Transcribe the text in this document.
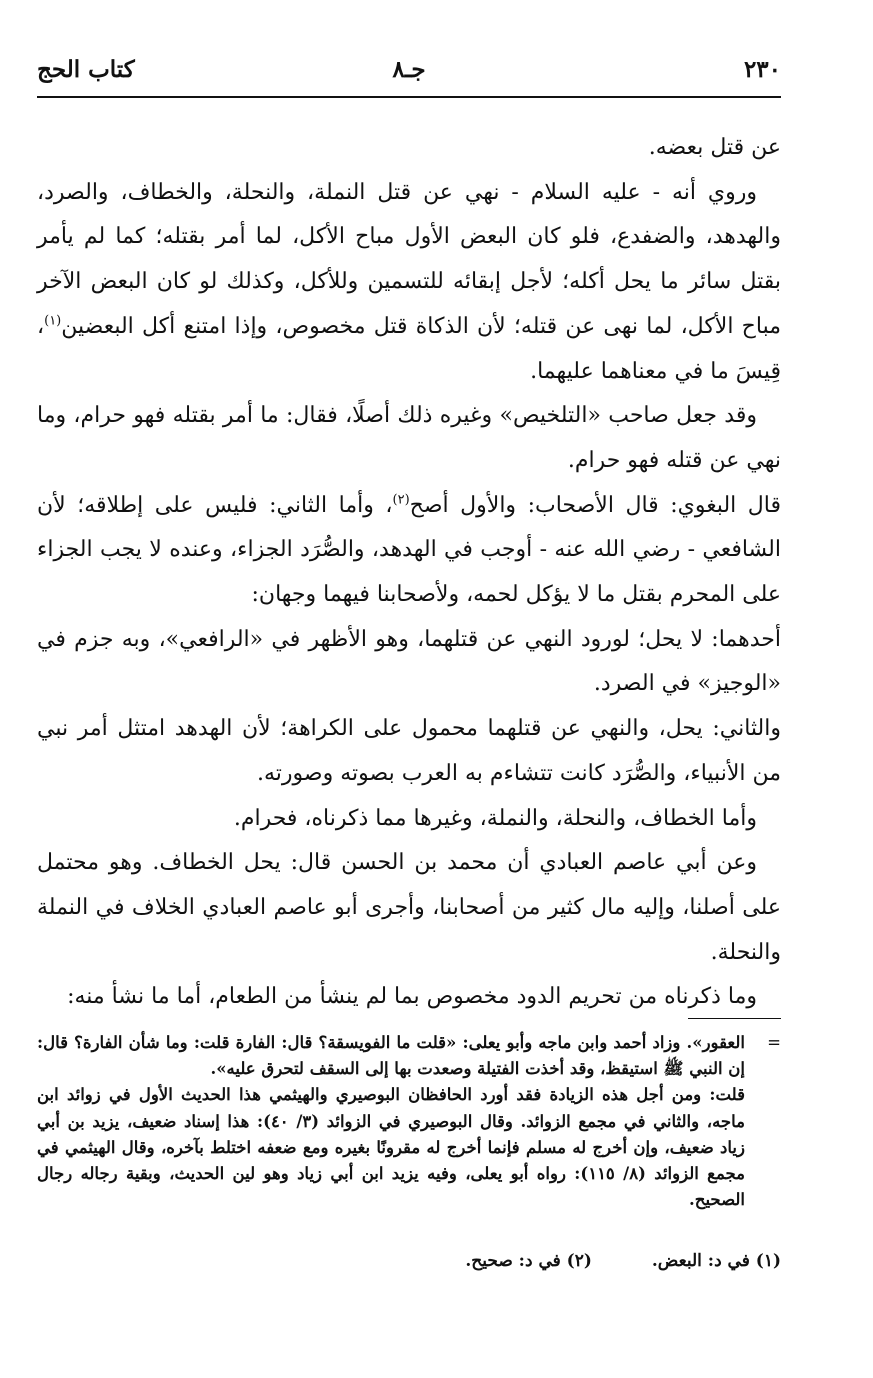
٢٣٠
جـ٨
كتاب الحج

عن قتل بعضه.

وروي أنه - عليه السلام - نهي عن قتل النملة، والنحلة، والخطاف، والصرد، والهدهد، والضفدع، فلو كان البعض الأول مباح الأكل، لما أمر بقتله؛ كما لم يأمر بقتل سائر ما يحل أكله؛ لأجل إبقائه للتسمين وللأكل، وكذلك لو كان البعض الآخر مباح الأكل، لما نهى عن قتله؛ لأن الذكاة قتل مخصوص، وإذا امتنع أكل البعضين$^{(١)}$، قِيسَ ما في معناهما عليهما.

وقد جعل صاحب «التلخيص» وغيره ذلك أصلًا، فقال: ما أمر بقتله فهو حرام، وما نهي عن قتله فهو حرام.

قال البغوي: قال الأصحاب: والأول أصح$^{(٢)}$، وأما الثاني: فليس على إطلاقه؛ لأن الشافعي - رضي الله عنه - أوجب في الهدهد، والصُّرَد الجزاء، وعنده لا يجب الجزاء على المحرم بقتل ما لا يؤكل لحمه، ولأصحابنا فيهما وجهان:

أحدهما: لا يحل؛ لورود النهي عن قتلهما، وهو الأظهر في «الرافعي»، وبه جزم في «الوجيز» في الصرد.

والثاني: يحل، والنهي عن قتلهما محمول على الكراهة؛ لأن الهدهد امتثل أمر نبي من الأنبياء، والصُّرَد كانت تتشاءم به العرب بصوته وصورته.

وأما الخطاف، والنحلة، والنملة، وغيرها مما ذكرناه، فحرام.

وعن أبي عاصم العبادي أن محمد بن الحسن قال: يحل الخطاف. وهو محتمل على أصلنا، وإليه مال كثير من أصحابنا، وأجرى أبو عاصم العبادي الخلاف في النملة والنحلة.

وما ذكرناه من تحريم الدود مخصوص بما لم ينشأ من الطعام، أما ما نشأ منه:

=

العقور». وزاد أحمد وابن ماجه وأبو يعلى: «قلت ما الفويسقة؟ قال: الفارة قلت: وما شأن الفارة؟ قال: إن النبي ﷺ استيقظ، وقد أخذت الفتيلة وصعدت بها إلى السقف لتحرق عليه».

قلت: ومن أجل هذه الزيادة فقد أورد الحافظان البوصيري والهيثمي هذا الحديث الأول في زوائد ابن ماجه، والثاني في مجمع الزوائد. وقال البوصيري في الزوائد (٣/ ٤٠): هذا إسناد ضعيف، يزيد بن أبي زياد ضعيف، وإن أخرج له مسلم فإنما أخرج له مقرونًا بغيره ومع ضعفه اختلط بآخره، وقال الهيثمي في مجمع الزوائد (٨/ ١١٥): رواه أبو يعلى، وفيه يزيد ابن أبي زياد وهو لين الحديث، وبقية رجاله رجال الصحيح.

(١) في د: البعض.(٢) في د: صحيح.
